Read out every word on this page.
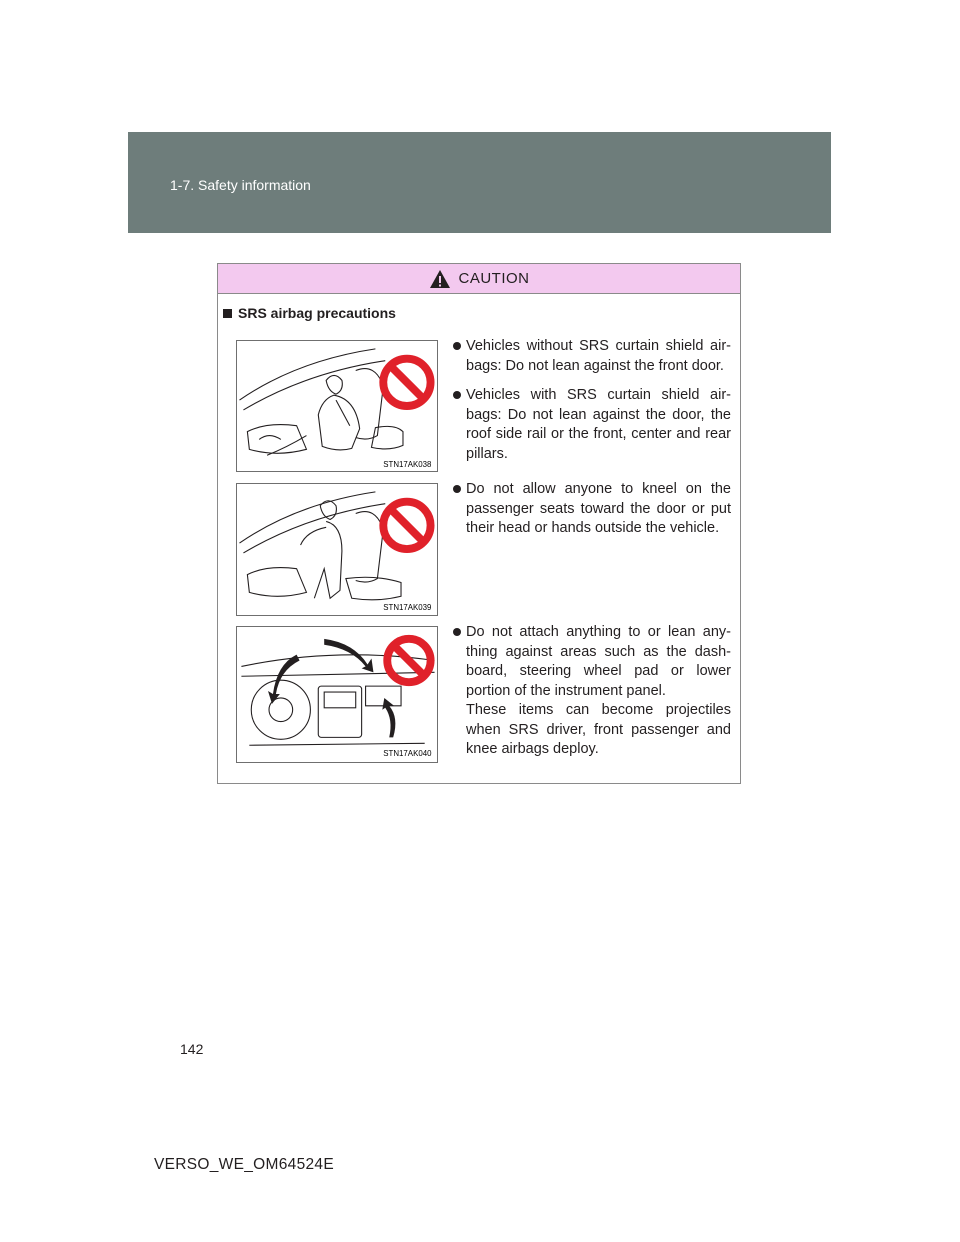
1-7. Safety information
CAUTION
SRS airbag precautions
STN17AK038
STN17AK039
STN17AK040
Vehicles without SRS curtain shield air-bags: Do not lean against the front door.
Vehicles with SRS curtain shield air-bags: Do not lean against the door, the roof side rail or the front, center and rear pillars.
Do not allow anyone to kneel on the passenger seats toward the door or put their head or hands outside the vehicle.
Do not attach anything to or lean any-thing against areas such as the dash-board, steering wheel pad or lower portion of the instrument panel.
These items can become projectiles when SRS driver, front passenger and knee airbags deploy.
142
VERSO_WE_OM64524E
